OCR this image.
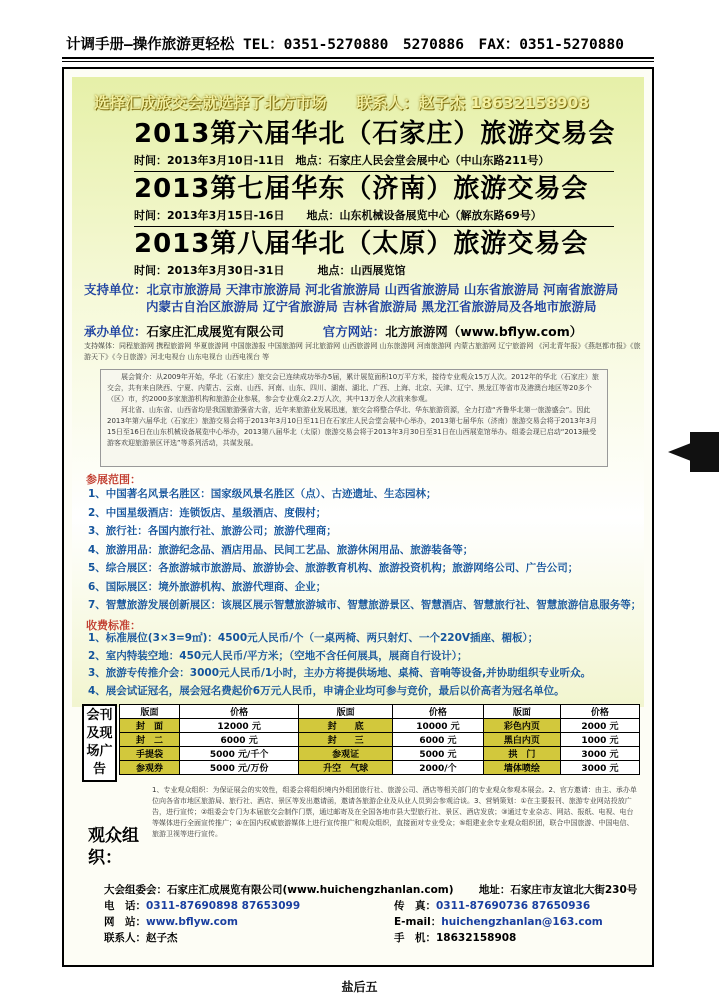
计调手册—操作旅游更轻松 TEL：0351-5270880　5270886　FAX：0351-5270880
选择汇成旅交会就选择了北方市场 联系人：赵子杰 18632158908
2013第六届华北（石家庄）旅游交易会
时间：2013年3月10日-11日　地点：石家庄人民会堂会展中心（中山东路211号）
2013第七届华东（济南）旅游交易会
时间：2013年3月15日-16日　　地点：山东机械设备展览中心（解放东路69号）
2013第八届华北（太原）旅游交易会
时间：2013年3月30日-31日　　　地点：山西展览馆
支持单位：北京市旅游局 天津市旅游局 河北省旅游局 山西省旅游局 山东省旅游局 河南省旅游局
内蒙古自治区旅游局 辽宁省旅游局 吉林省旅游局 黑龙江省旅游局及各地市旅游局
承办单位：石家庄汇成展览有限公司	官方网站：北方旅游网（www.bflyw.com）
支持媒体：同程旅游网 携程旅游网 华夏旅游网 中国旅游报 中国旅游网 河北旅游网 山西旅游网 山东旅游网 河南旅游网 内蒙古旅游网 辽宁旅游网 《河北青年报》《燕赵都市报》《旅游天下》《今日旅游》河北电视台 山东电视台 山西电视台 等
展会简介：从2009年开始，华北（石家庄）旅交会已连续成功举办5届，累计展览面积10万平方米，接待专业观众15万人次。2012年的华北（石家庄）旅交会，共有来自陕西、宁夏、内蒙古、云南、山西、河南、山东、四川、湖南、湖北、广西、上海、北京、天津、辽宁、黑龙江等省市及港澳台地区等20多个（区）市，约2000多家旅游机构和旅游企业参展，参会专业观众2.2万人次，其中13万余人次前来参观。
河北省、山东省、山西省均是我国旅游强省大省，近年来旅游业发展迅速，旅交会将整合华北、华东旅游资源，全力打造“齐鲁华北第一旅游盛会”。因此2013年第六届华北（石家庄）旅游交易会将于2013年3月10日至11日在石家庄人民会堂会展中心举办，2013第七届华东（济南）旅游交易会将于2013年3月15日至16日在山东机械设备展览中心举办，2013第八届华北（太原）旅游交易会将于2013年3月30日至31日在山西展览馆举办。组委会现已启动“2013最受游客欢迎旅游景区评选”等系列活动，共谋发展。
参展范围：
1、中国著名风景名胜区：国家级风景名胜区（点）、古迹遗址、生态园林；
2、中国星级酒店：连锁饭店、星级酒店、度假村；
3、旅行社：各国内旅行社、旅游公司；旅游代理商；
4、旅游用品：旅游纪念品、酒店用品、民间工艺品、旅游休闲用品、旅游装备等；
5、综合展区：各旅游城市旅游局、旅游协会、旅游教育机构、旅游投资机构；旅游网络公司、广告公司；
6、国际展区：境外旅游机构、旅游代理商、企业；
7、智慧旅游发展创新展区：该展区展示智慧旅游城市、智慧旅游景区、智慧酒店、智慧旅行社、智慧旅游信息服务等；
收费标准：
1、标准展位(3×3=9㎡)：4500元人民币/个（一桌两椅、两只射灯、一个220V插座、楣板）；
2、室内特装空地：450元人民币/平方米；（空地不含任何展具，展商自行设计）；
3、旅游专传推介会：3000元人民币/1小时，主办方将提供场地、桌椅、音响等设备,并协助组织专业听众。
4、展会试证冠名，展会冠名费起价6万元人民币，申请企业均可参与竞价，最后以价高者为冠名单位。
会刊及现场广告
版面	价格	版面	价格	版面	价格
封　面	12000 元	封　　底	10000 元	彩色内页	2000 元
封　二	6000 元	封　　三	6000 元	黑白内页	1000 元
手提袋	5000 元/千个	参观证	5000 元	拱　门	3000 元
参观券	5000 元/万份	升空　气球	2000/个	墙体喷绘	3000 元
观众组织：
1、专业观众组织：为保证展会的实效性，组委会将组织境内外组团旅行社、旅游公司、酒店等相关部门的专业观众参观本展会。2、官方邀请：由主、承办单位向各省市地区旅游局、旅行社、酒店、景区等发出邀请函，邀请各旅游企业及从业人员到会参观洽谈。3、营销策划：①在主要报刊、旅游专业网站投放广告，进行宣传；②组委会专门为本届旅交会制作门票，通过邮寄及在全国各地市县大型旅行社、景区、酒店发放；③通过专业杂志、网站、报纸、电视、电台等媒体进行全面宣传推广；④在国内权威旅游媒体上进行宣传推广和观众组织，直接面对专业受众；⑤组建业余专业观众组织团，联合中国旅游、中国电信、旅游卫视等进行宣传。
大会组委会：石家庄汇成展览有限公司(www.huichengzhanlan.com) 地址：石家庄市友谊北大街230号
电　话：0311-87690898 87653099	传　真：0311-87690736 87650936
网　站：www.bflyw.com	E-mail：huichengzhanlan@163.com
联系人：赵子杰	手　机：18632158908
盐后五
